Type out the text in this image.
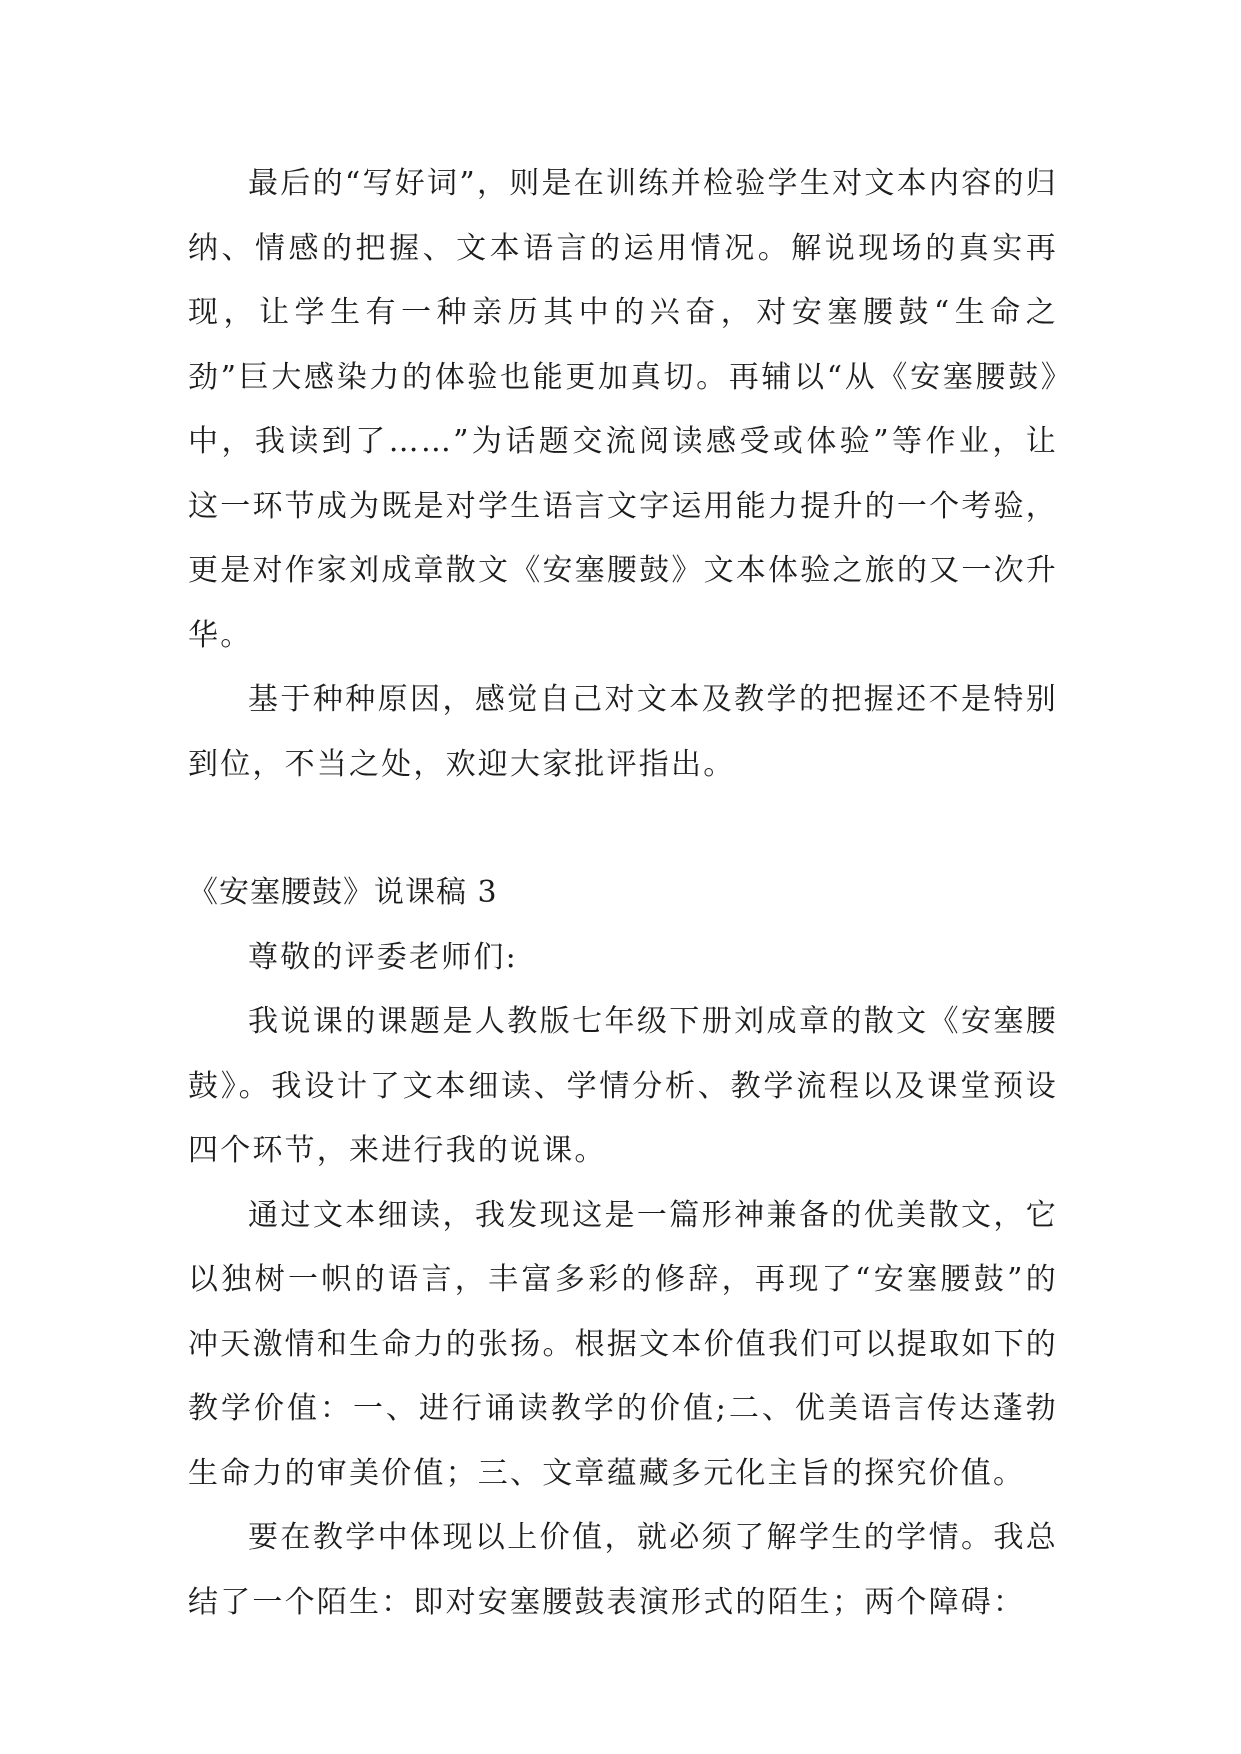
最后的“写好词”，则是在训练并检验学生对文本内容的归纳、情感的把握、文本语言的运用情况。解说现场的真实再现，让学生有一种亲历其中的兴奋，对安塞腰鼓“生命之劲”巨大感染力的体验也能更加真切。再辅以“从《安塞腰鼓》中，我读到了……”为话题交流阅读感受或体验”等作业，让这一环节成为既是对学生语言文字运用能力提升的一个考验，更是对作家刘成章散文《安塞腰鼓》文本体验之旅的又一次升华。

基于种种原因，感觉自己对文本及教学的把握还不是特别到位，不当之处，欢迎大家批评指出。

《安塞腰鼓》说课稿 3

尊敬的评委老师们:

我说课的课题是人教版七年级下册刘成章的散文《安塞腰鼓》。我设计了文本细读、学情分析、教学流程以及课堂预设四个环节，来进行我的说课。

通过文本细读，我发现这是一篇形神兼备的优美散文，它以独树一帜的语言，丰富多彩的修辞，再现了“安塞腰鼓”的冲天激情和生命力的张扬。根据文本价值我们可以提取如下的教学价值：一、进行诵读教学的价值;二、优美语言传达蓬勃生命力的审美价值；三、文章蕴藏多元化主旨的探究价值。

要在教学中体现以上价值，就必须了解学生的学情。我总结了一个陌生：即对安塞腰鼓表演形式的陌生；两个障碍：
